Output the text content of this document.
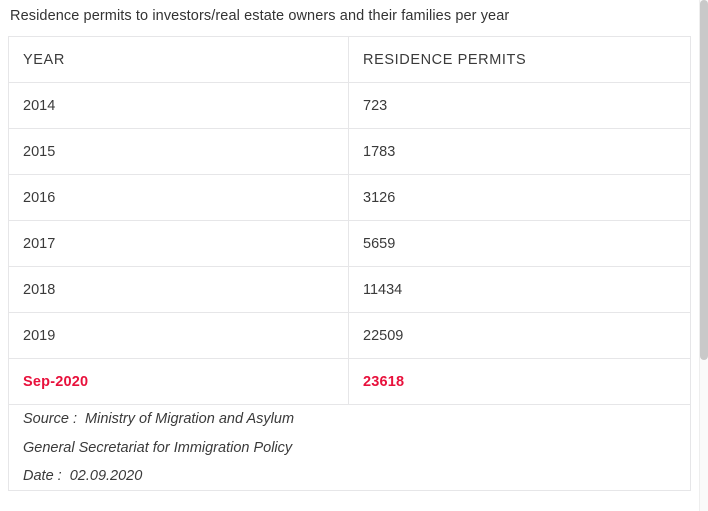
Residence permits to investors/real estate owners and their families per year
YEAR	RESIDENCE PERMITS
2014	723
2015	1783
2016	3126
2017	5659
2018	11434
2019	22509
Sep-2020	23618

Source :  Ministry of Migration and Asylum
General Secretariat for Immigration Policy
Date :  02.09.2020	
